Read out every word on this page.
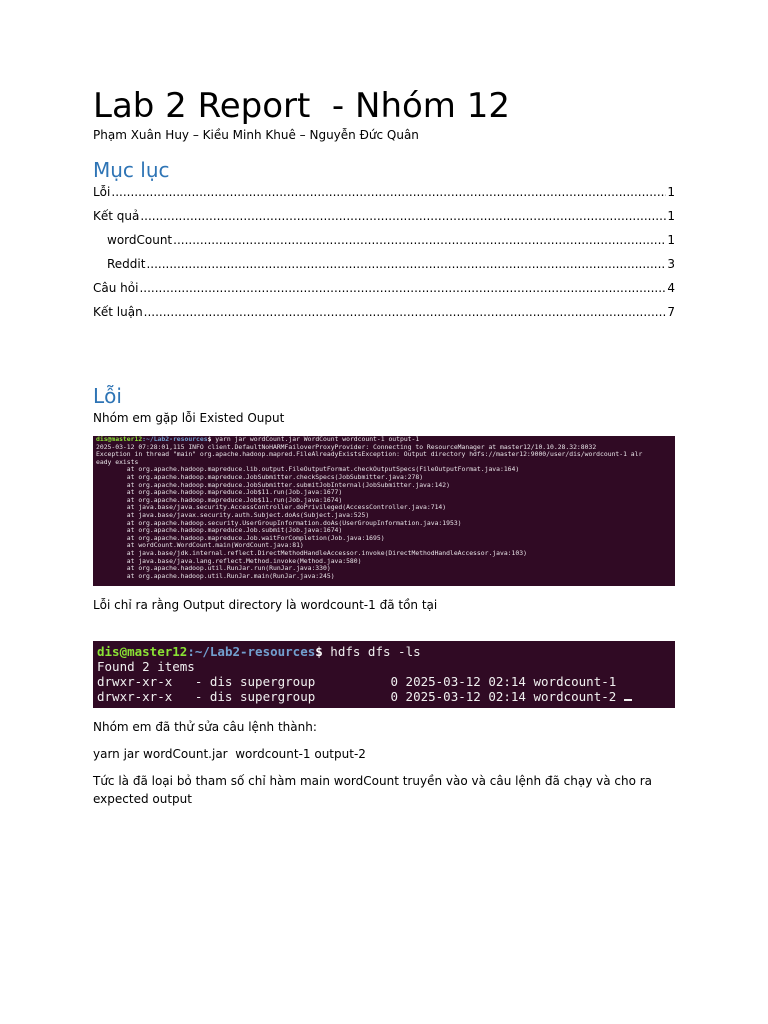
Lab 2 Report  - Nhóm 12
Phạm Xuân Huy – Kiều Minh Khuê – Nguyễn Đức Quân
Mục lục
Lỗi .....	1
Kết quả .....	1
wordCount .....	1
Reddit .....	3
Câu hỏi .....	4
Kết luận .....	7
Lỗi
Nhóm em gặp lỗi Existed Ouput
dis@master12:~/Lab2-resources$ yarn jar wordCount.jar WordCount wordcount-1 output-1
2025-03-12 07:28:01,115 INFO client.DefaultNoHARMFailoverProxyProvider: Connecting to ResourceManager at master12/10.10.28.32:8032
Exception in thread "main" org.apache.hadoop.mapred.FileAlreadyExistsException: Output directory hdfs://master12:9000/user/dis/wordcount-1 alr
eady exists
at org.apache.hadoop.mapreduce.lib.output.FileOutputFormat.checkOutputSpecs(FileOutputFormat.java:164)
at org.apache.hadoop.mapreduce.JobSubmitter.checkSpecs(JobSubmitter.java:278)
at org.apache.hadoop.mapreduce.JobSubmitter.submitJobInternal(JobSubmitter.java:142)
at org.apache.hadoop.mapreduce.Job$11.run(Job.java:1677)
at org.apache.hadoop.mapreduce.Job$11.run(Job.java:1674)
at java.base/java.security.AccessController.doPrivileged(AccessController.java:714)
at java.base/javax.security.auth.Subject.doAs(Subject.java:525)
at org.apache.hadoop.security.UserGroupInformation.doAs(UserGroupInformation.java:1953)
at org.apache.hadoop.mapreduce.Job.submit(Job.java:1674)
at org.apache.hadoop.mapreduce.Job.waitForCompletion(Job.java:1695)
at wordCount.WordCount.main(WordCount.java:81)
at java.base/jdk.internal.reflect.DirectMethodHandleAccessor.invoke(DirectMethodHandleAccessor.java:103)
at java.base/java.lang.reflect.Method.invoke(Method.java:580)
at org.apache.hadoop.util.RunJar.run(RunJar.java:330)
at org.apache.hadoop.util.RunJar.main(RunJar.java:245)
Lỗi chỉ ra rằng Output directory là wordcount-1 đã tồn tại
dis@master12:~/Lab2-resources$ hdfs dfs -ls
Found 2 items
drwxr-xr-x   - dis supergroup          0 2025-03-12 02:14 wordcount-1
drwxr-xr-x   - dis supergroup          0 2025-03-12 02:14 wordcount-2
Nhóm em đã thử sửa câu lệnh thành:
yarn jar wordCount.jar  wordcount-1 output-2
Tức là đã loại bỏ tham số chỉ hàm main wordCount truyền vào và câu lệnh đã chạy và cho ra expected output
